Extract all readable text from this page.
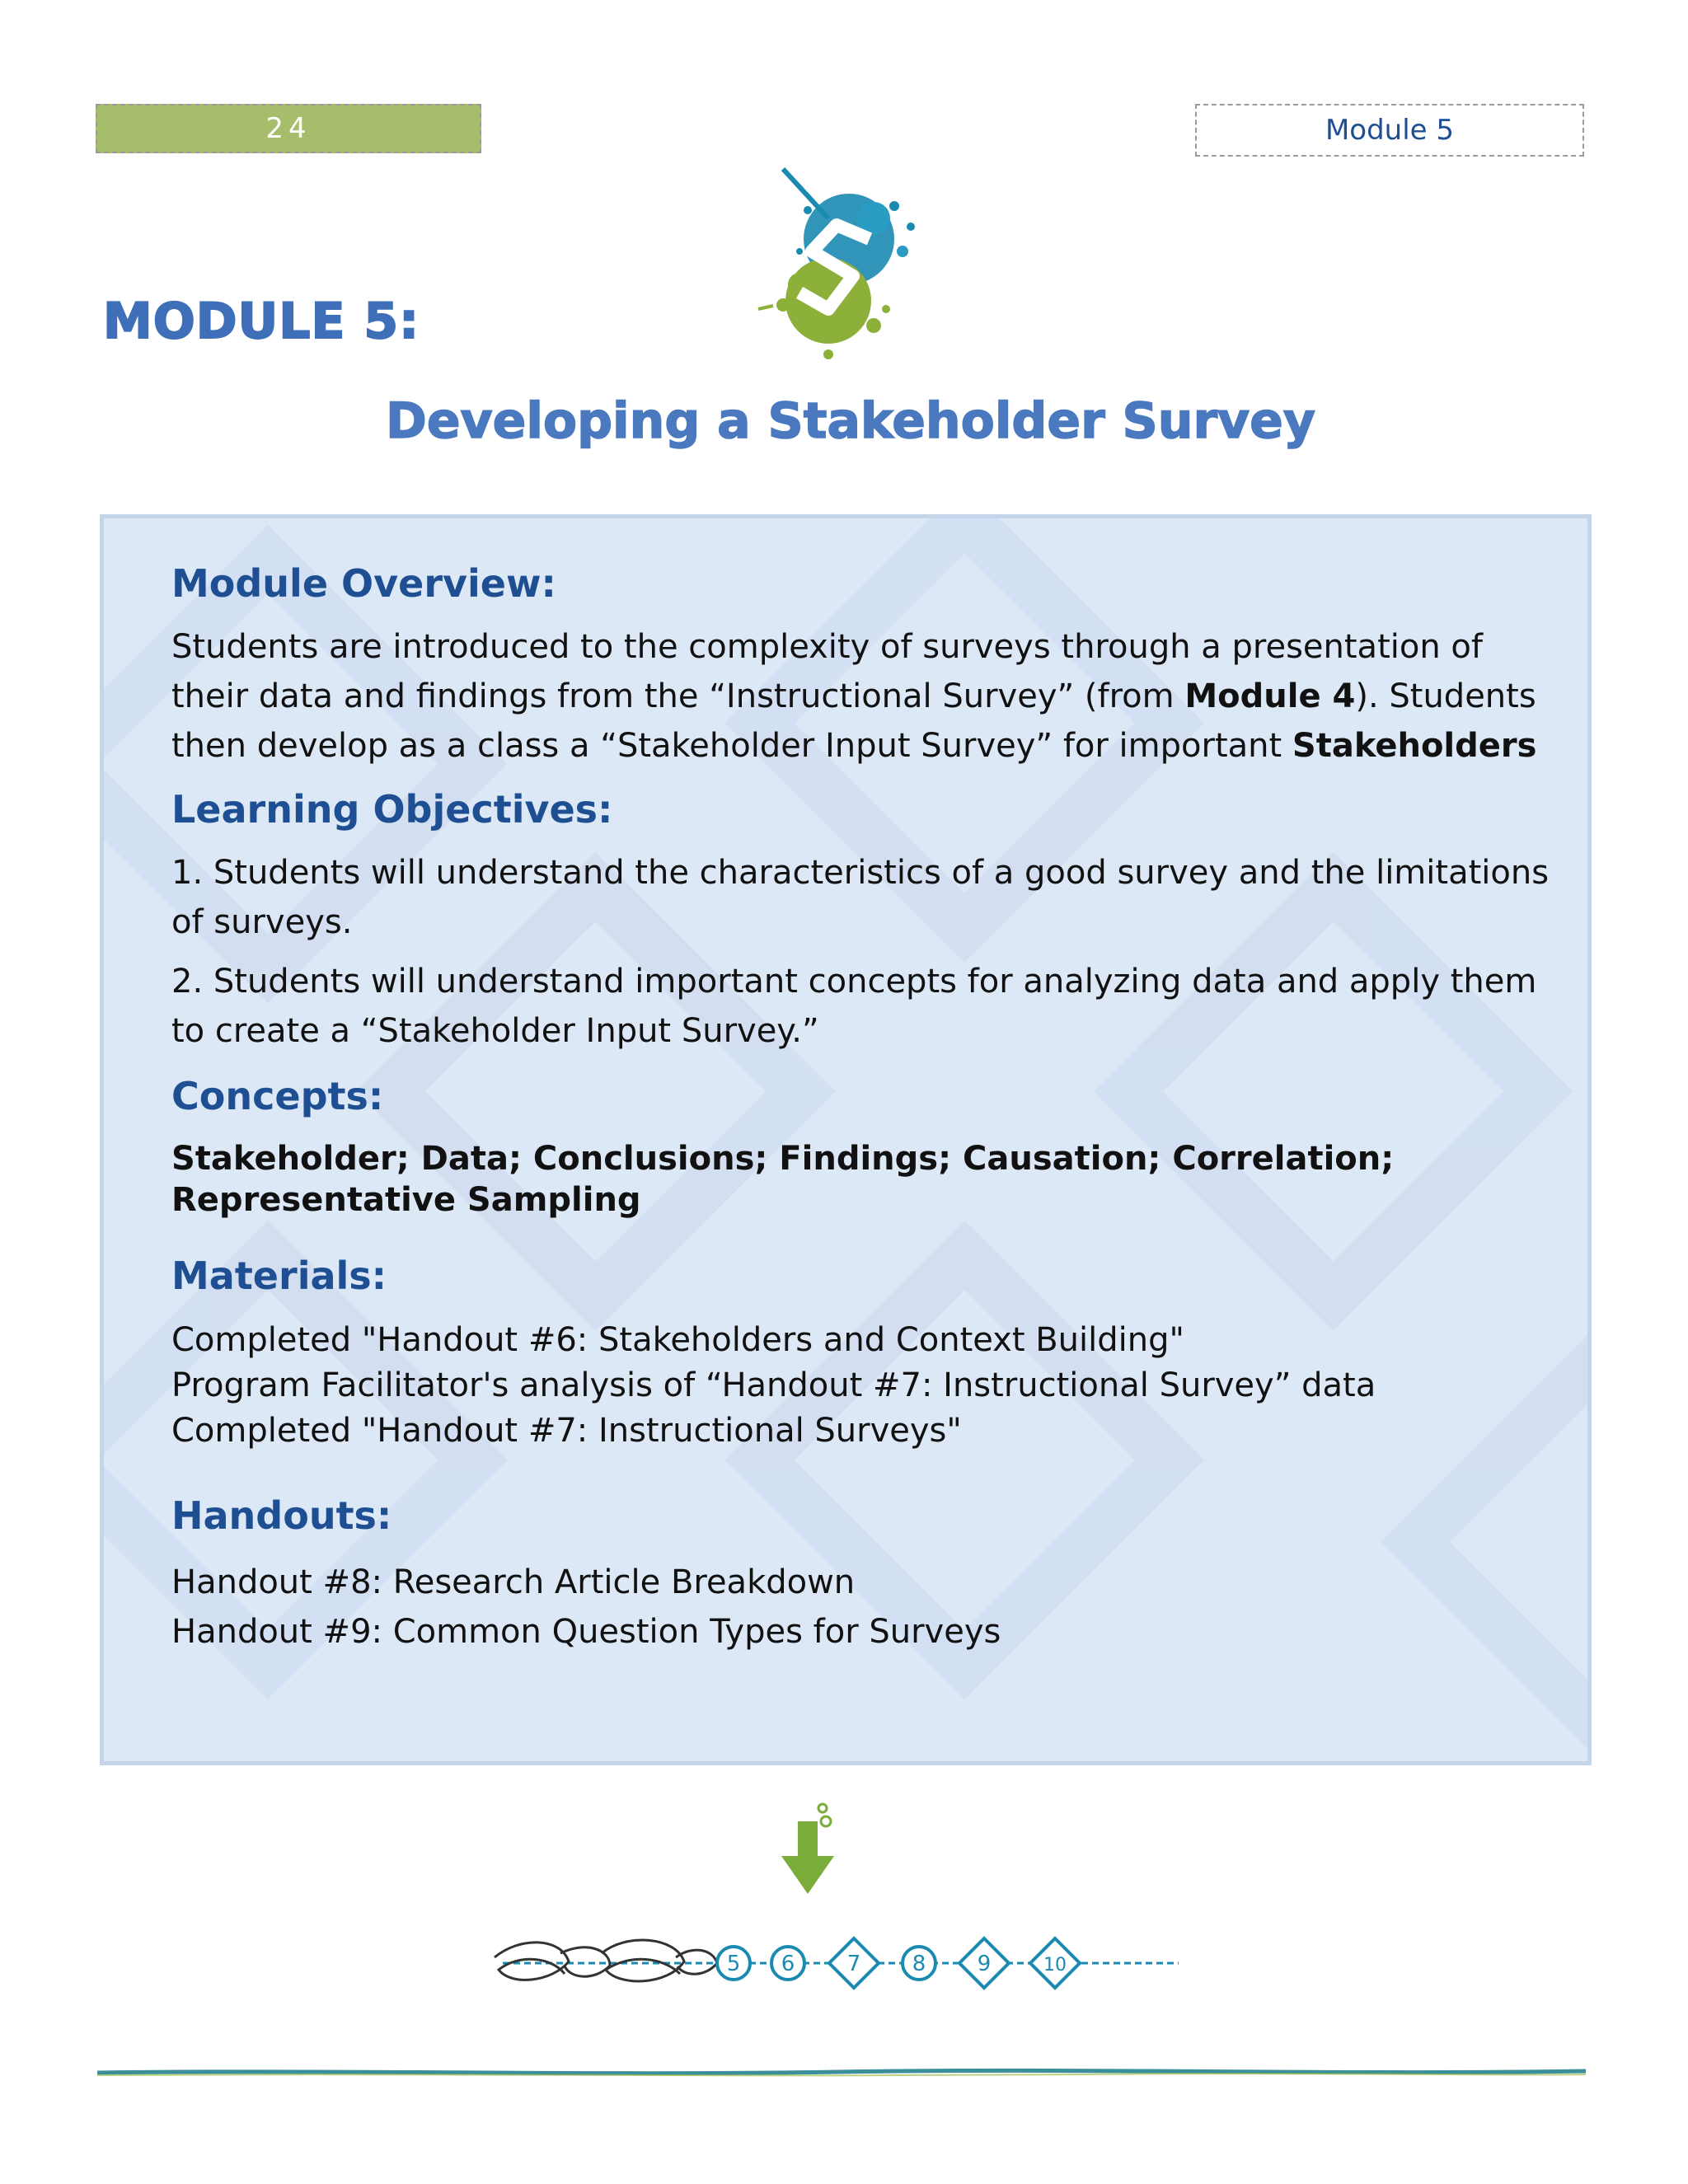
24	Module 5
MODULE 5:
Developing a Stakeholder Survey
Module Overview:

Students are introduced to the complexity of surveys through a presentation of their data and findings from the “Instructional Survey” (from Module 4). Students then develop as a class a “Stakeholder Input Survey” for important Stakeholders

Learning Objectives:

1. Students will understand the characteristics of a good survey and the limitations of surveys.

2. Students will understand important concepts for analyzing data and apply them to create a “Stakeholder Input Survey.”

Concepts:

Stakeholder; Data; Conclusions; Findings; Causation; Correlation; Representative Sampling

Materials:

Completed "Handout #6: Stakeholders and Context Building"

Program Facilitator's analysis of “Handout #7: Instructional Survey” data

Completed "Handout #7: Instructional Surveys"

Handouts:

Handout #8: Research Article Breakdown

Handout #9: Common Question Types for Surveys

5 6 7 8 9	10
